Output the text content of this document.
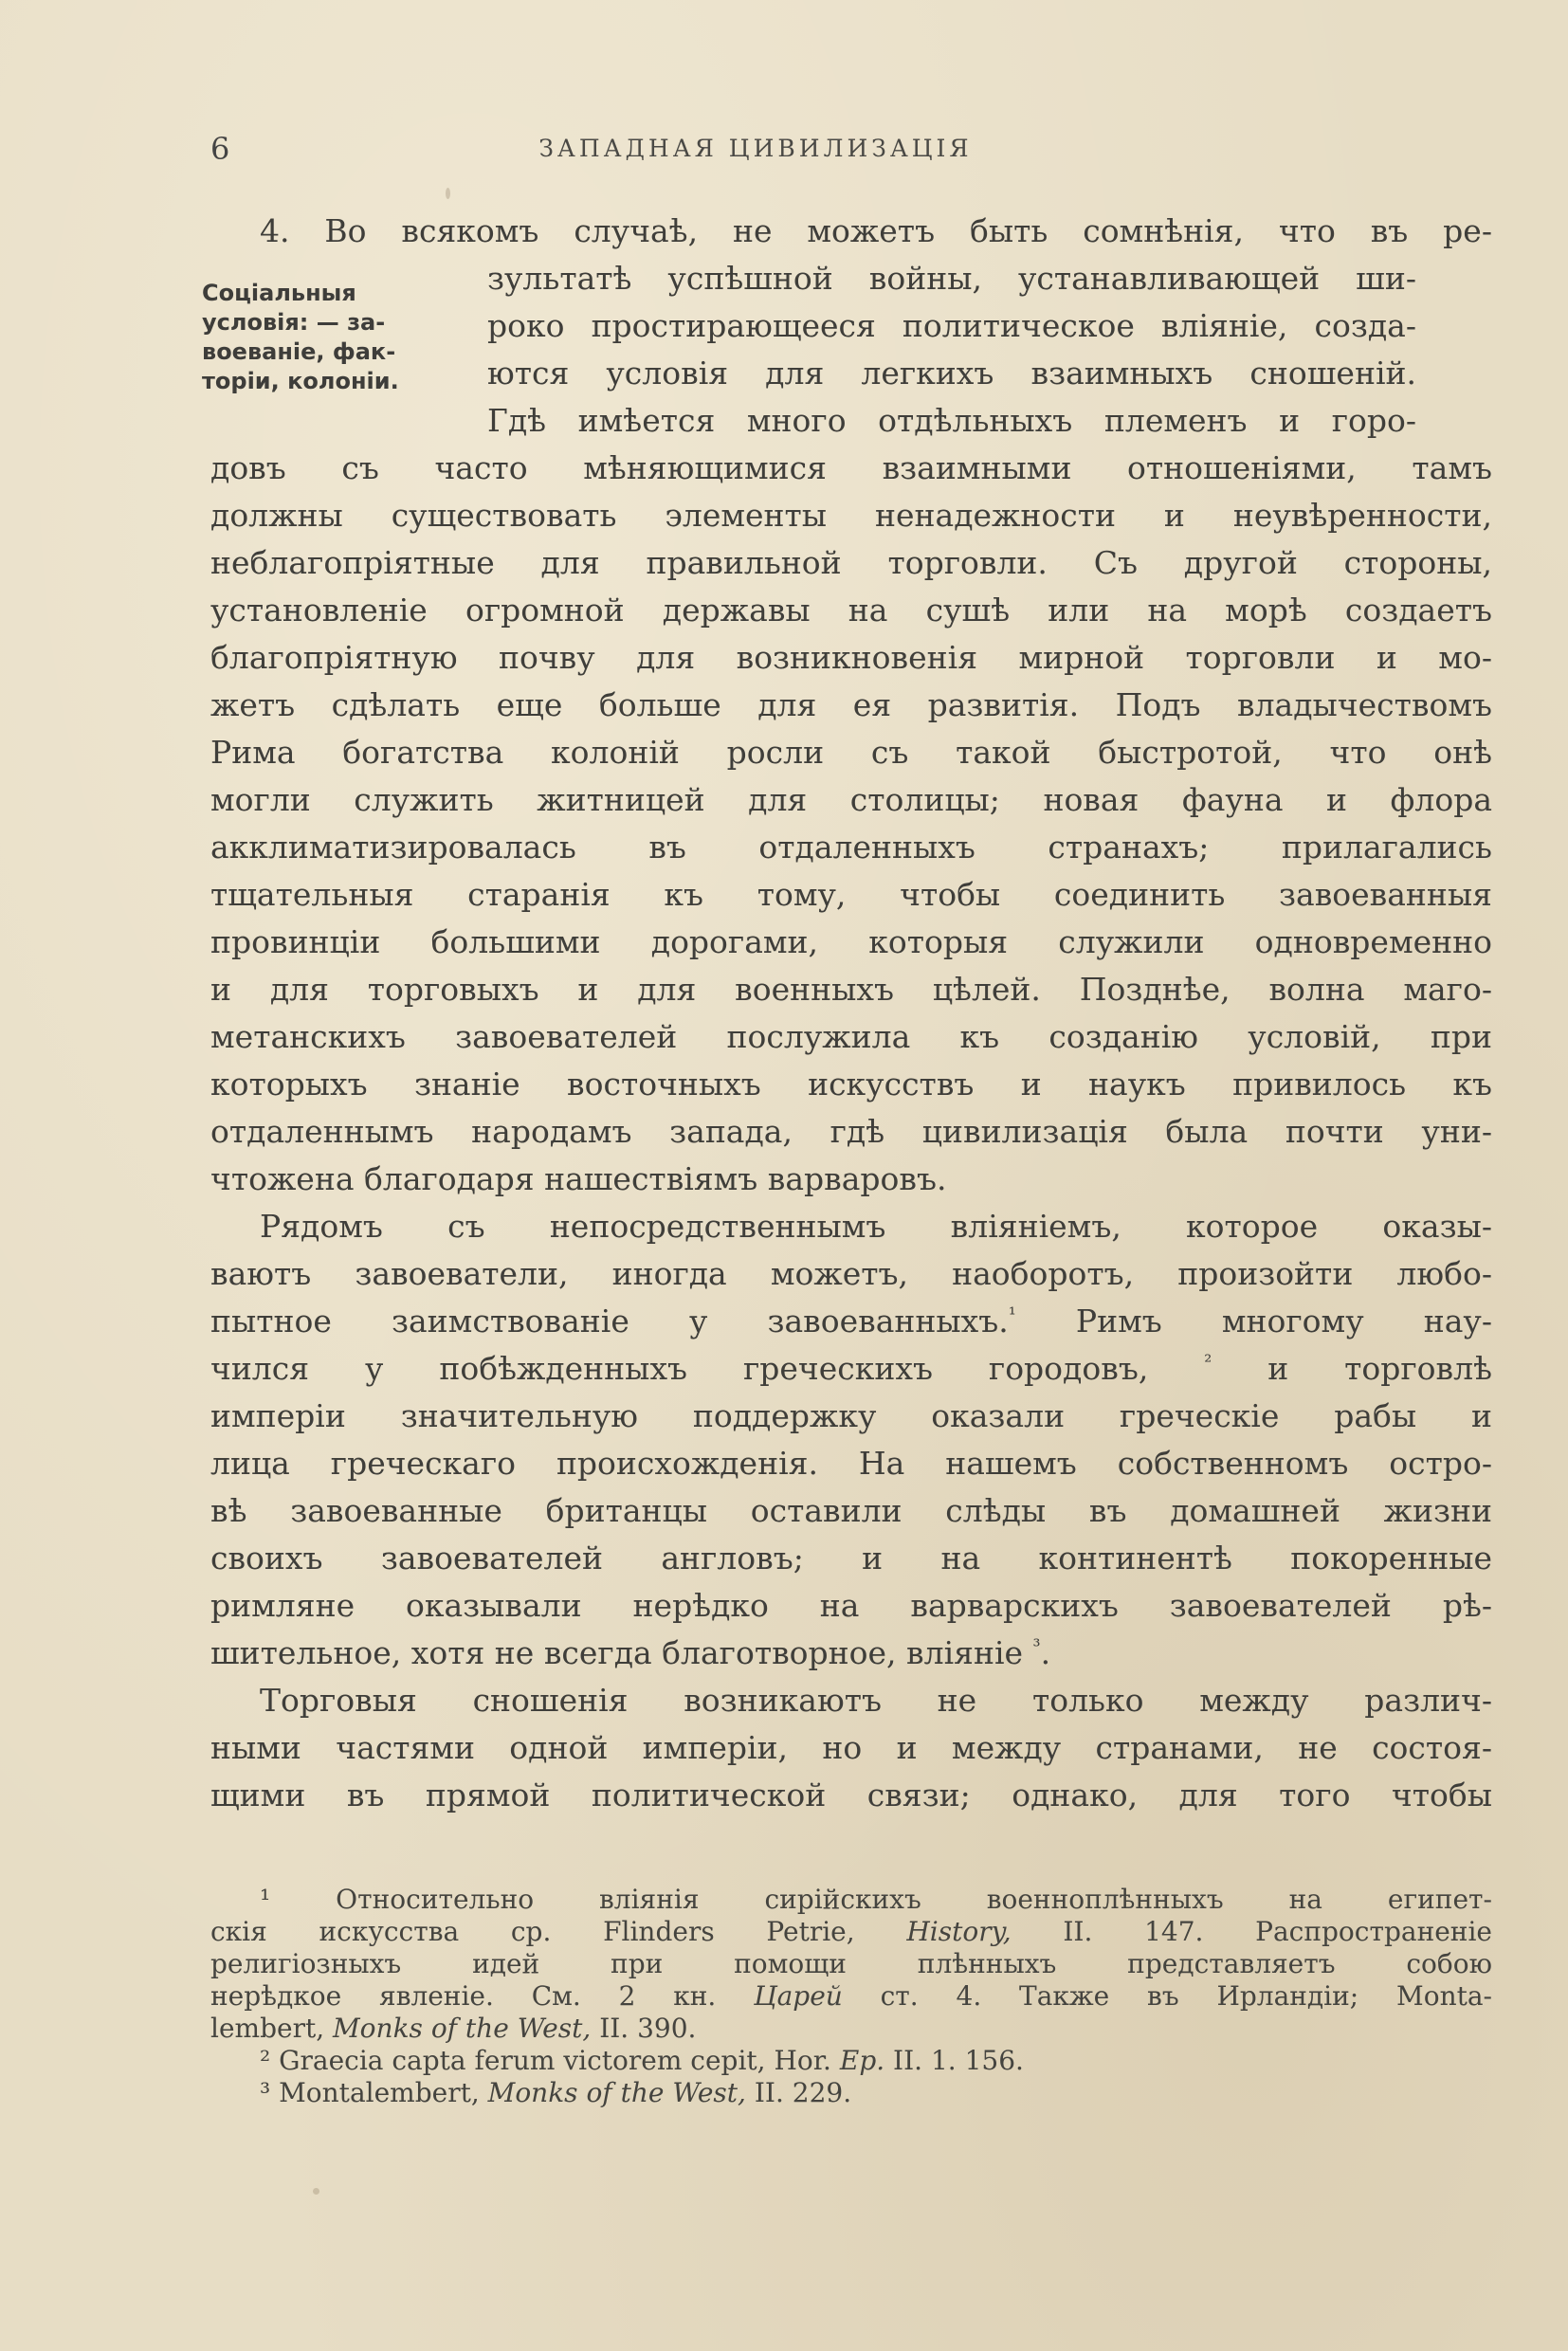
6	ЗАПАДНАЯ ЦИВИЛИЗАЦІЯ
Соціальныя
условія: — за-
воеваніе, фак-
торіи, колоніи.
4. Во всякомъ случаѣ, не можетъ быть сомнѣнія, что въ ре-
зультатѣ успѣшной войны, устанавливающей ши-
роко простирающееся политическое вліяніе, созда-
ются условія для легкихъ взаимныхъ сношеній.
Гдѣ имѣется много отдѣльныхъ племенъ и горо-
довъ съ часто мѣняющимися взаимными отношеніями, тамъ
должны существовать элементы ненадежности и неувѣренности,
неблагопріятные для правильной торговли. Съ другой стороны,
установленіе огромной державы на сушѣ или на морѣ создаетъ
благопріятную почву для возникновенія мирной торговли и мо-
жетъ сдѣлать еще больше для ея развитія. Подъ владычествомъ
Рима богатства колоній росли съ такой быстротой, что онѣ
могли служить житницей для столицы; новая фауна и флора
акклиматизировалась въ отдаленныхъ странахъ; прилагались
тщательныя старанія къ тому, чтобы соединить завоеванныя
провинціи большими дорогами, которыя служили одновременно
и для торговыхъ и для военныхъ цѣлей. Позднѣе, волна маго-
метанскихъ завоевателей послужила къ созданію условій, при
которыхъ знаніе восточныхъ искусствъ и наукъ привилось къ
отдаленнымъ народамъ запада, гдѣ цивилизація была почти уни-
чтожена благодаря нашествіямъ варваровъ.
Рядомъ съ непосредственнымъ вліяніемъ, которое оказы-
ваютъ завоеватели, иногда можетъ, наоборотъ, произойти любо-
пытное заимствованіе у завоеванныхъ.$^{^1}$ Римъ многому нау-
чился у побѣжденныхъ греческихъ городовъ,	$^{^2}$ и торговлѣ
имперіи значительную поддержку оказали греческіе рабы и
лица греческаго происхожденія. На нашемъ собственномъ остро-
вѣ завоеванные британцы оставили слѣды въ домашней жизни
своихъ завоевателей англовъ; и на континентѣ покоренные
римляне оказывали нерѣдко на варварскихъ завоевателей рѣ-
шительное, хотя не всегда благотворное, вліяніе $^{^3}$.
Торговыя сношенія возникаютъ не только между различ-
ными частями одной имперіи, но и между странами, не состоя-
щими въ прямой политической связи; однако, для того чтобы
¹ Относительно вліянія сирійскихъ военноплѣнныхъ на египет-
скія искусства ср. Flinders Petrie, History, II. 147. Распространеніе
религіозныхъ идей при помощи плѣнныхъ представляетъ собою
нерѣдкое явленіе. См. 2 кн. Царей ст. 4. Также въ Ирландіи; Monta-
lembert, Monks of the West, II. 390.
² Graecia capta ferum victorem cepit, Hor. Ep. II. 1. 156.
³ Montalembert, Monks of the West, II. 229.
